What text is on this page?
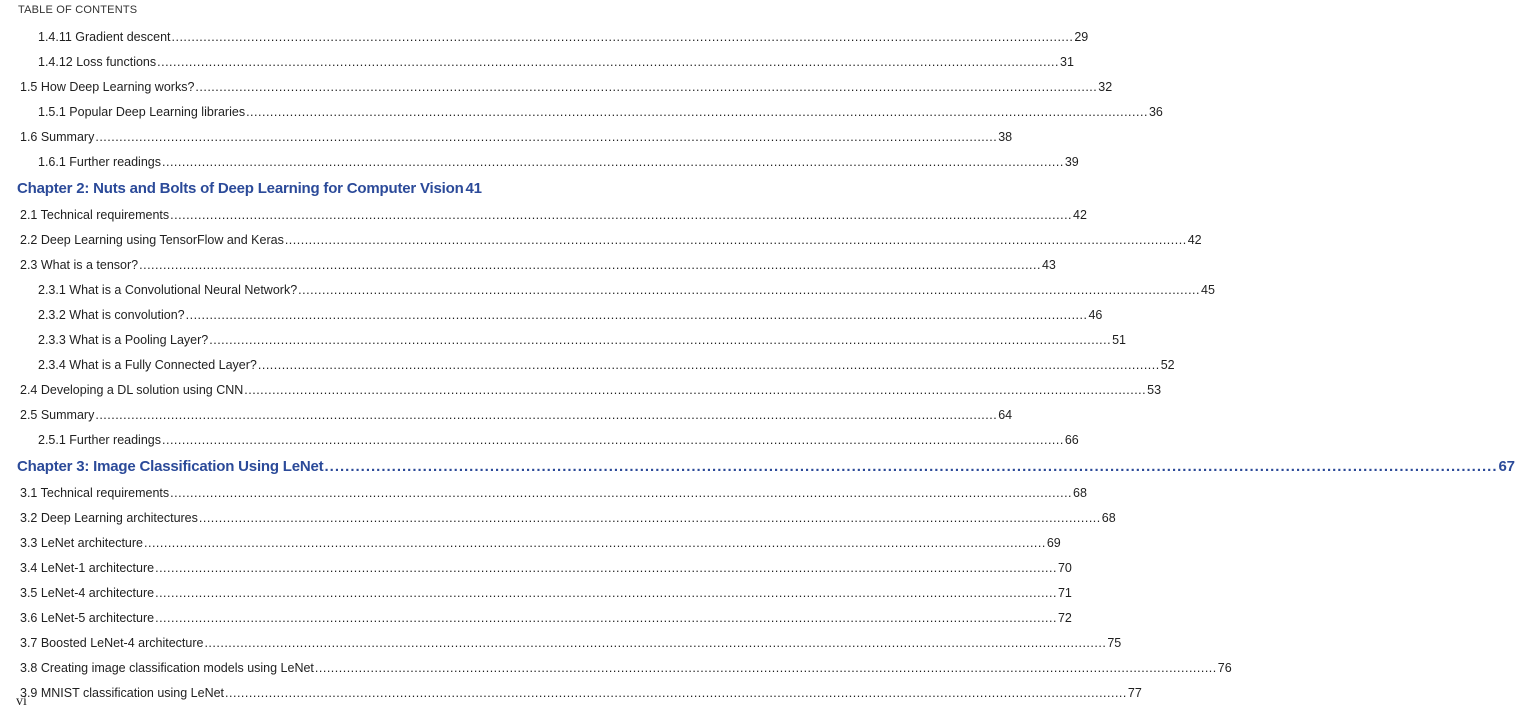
TABLE OF CONTENTS
1.4.11 Gradient descent .....	29
1.4.12 Loss functions .....	31
1.5 How Deep Learning works? .....	32
1.5.1 Popular Deep Learning libraries .....	36
1.6 Summary .....	38
1.6.1 Further readings .....	39
Chapter 2: Nuts and Bolts of Deep Learning for Computer Vision 41
2.1 Technical requirements .....	42
2.2 Deep Learning using TensorFlow and Keras .....	42
2.3 What is a tensor? .....	43
2.3.1 What is a Convolutional Neural Network? .....	45
2.3.2 What is convolution? .....	46
2.3.3 What is a Pooling Layer? .....	51
2.3.4 What is a Fully Connected Layer? .....	52
2.4 Developing a DL solution using CNN .....	53
2.5 Summary .....	64
2.5.1 Further readings .....	66
Chapter 3: Image Classification Using LeNet .....	67
3.1 Technical requirements .....	68
3.2 Deep Learning architectures .....	68
3.3 LeNet architecture .....	69
3.4 LeNet-1 architecture .....	70
3.5 LeNet-4 architecture .....	71
3.6 LeNet-5 architecture .....	72
3.7 Boosted LeNet-4 architecture .....	75
3.8 Creating image classification models using LeNet .....	76
3.9 MNIST classification using LeNet .....	77
vi
